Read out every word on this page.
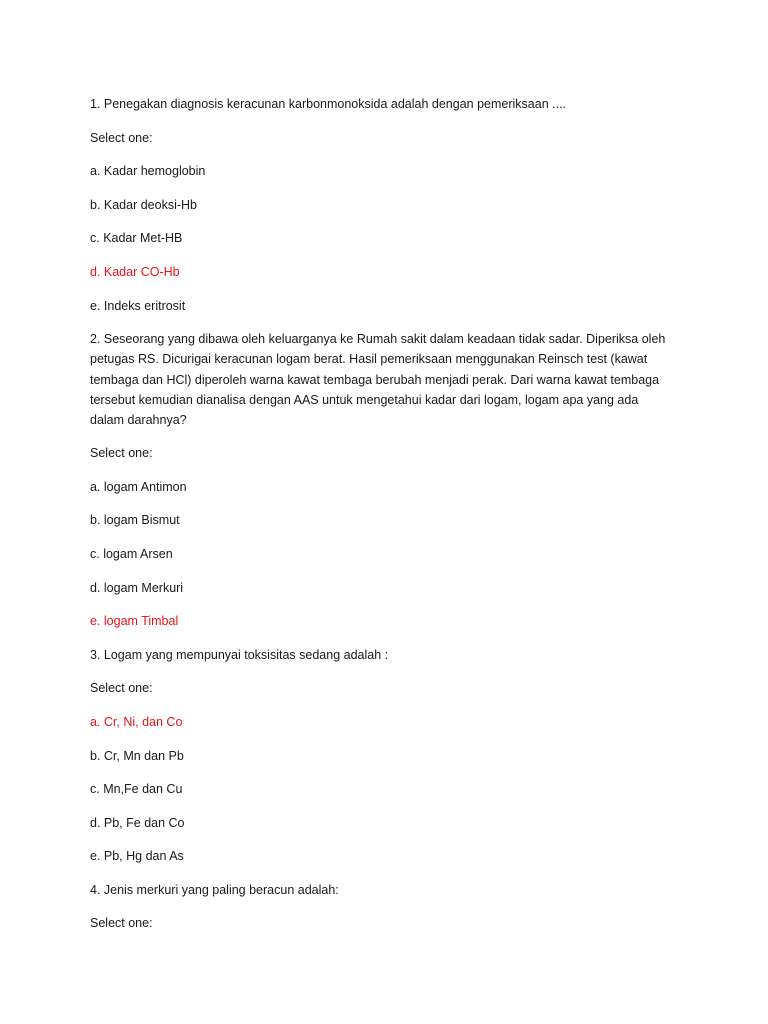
1. Penegakan diagnosis keracunan karbonmonoksida adalah dengan pemeriksaan ....
Select one:
a. Kadar hemoglobin
b. Kadar deoksi-Hb
c. Kadar Met-HB
d. Kadar CO-Hb
e. Indeks eritrosit
2. Seseorang yang dibawa oleh keluarganya ke Rumah sakit dalam keadaan tidak sadar. Diperiksa oleh
petugas RS. Dicurigai keracunan logam berat. Hasil pemeriksaan menggunakan Reinsch test (kawat
tembaga dan HCl) diperoleh warna kawat tembaga berubah menjadi perak. Dari warna kawat tembaga
tersebut kemudian dianalisa dengan AAS untuk mengetahui kadar dari logam, logam apa yang ada
dalam darahnya?
Select one:
a. logam Antimon
b. logam Bismut
c. logam Arsen
d. logam Merkuri
e. logam Timbal
3. Logam yang mempunyai toksisitas sedang adalah :
Select one:
a. Cr, Ni, dan Co
b. Cr, Mn dan Pb
c. Mn,Fe dan Cu
d. Pb, Fe dan Co
e. Pb, Hg dan As
4. Jenis merkuri yang paling beracun adalah:
Select one:
